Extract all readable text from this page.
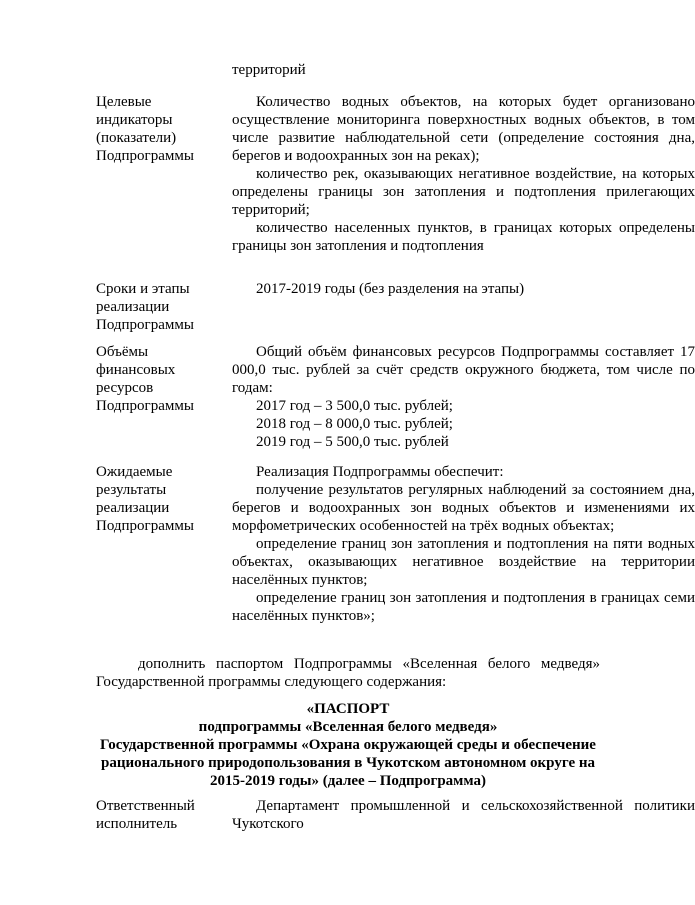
территорий
Целевые
индикаторы
(показатели)
Подпрограммы

Количество водных объектов, на которых будет организовано осуществление мониторинга поверхностных водных объектов, в том числе развитие наблюдательной сети (определение состояния дна, берегов и водоохранных зон на реках);

количество рек, оказывающих негативное воздействие, на которых определены границы зон затопления и подтопления прилегающих территорий;

количество населенных пунктов, в границах которых определены границы зон затопления и подтопления

Сроки и этапы
реализации
Подпрограммы

2017-2019 годы (без разделения на этапы)

Объёмы
финансовых
ресурсов
Подпрограммы

Общий объём финансовых ресурсов Подпрограммы составляет 17 000,0 тыс. рублей за счёт средств окружного бюджета, том числе по годам:

2017 год – 3 500,0 тыс. рублей;

2018 год – 8 000,0 тыс. рублей;

2019 год – 5 500,0 тыс. рублей

Ожидаемые
результаты
реализации
Подпрограммы

Реализация Подпрограммы обеспечит:

получение результатов регулярных наблюдений за состоянием дна, берегов и водоохранных зон водных объектов и изменениями их морфометрических особенностей на трёх водных объектах;

определение границ зон затопления и подтопления на пяти водных объектах, оказывающих негативное воздействие на территории населённых пунктов;

определение границ зон затопления и подтопления в границах семи населённых пунктов»;

дополнить паспортом Подпрограммы «Вселенная белого медведя» Государственной программы следующего содержания:

«ПАСПОРТ
подпрограммы «Вселенная белого медведя»
Государственной программы «Охрана окружающей среды и обеспечение рационального природопользования в Чукотском автономном округе на 2015-2019 годы» (далее – Подпрограмма)
Ответственный
исполнитель

Департамент промышленной и сельскохозяйственной политики Чукотского
